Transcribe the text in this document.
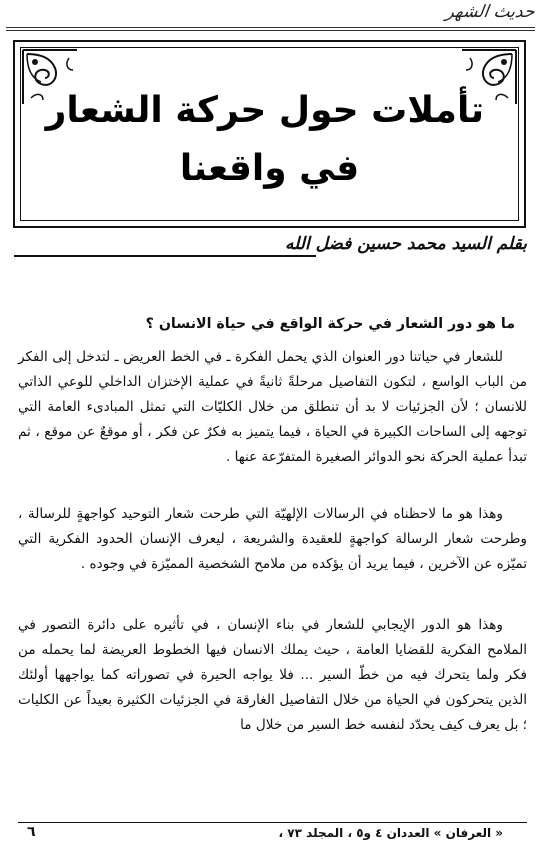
حديث الشهر
تأملات حول حركة الشعار
في واقعنا
بقلم السيد محمد حسين فضل الله
ما هو دور الشعار في حركة الواقع في حياة الانسان ؟

للشعار في حياتنا دور العنوان الذي يحمل الفكرة ـ في الخط العريض ـ لتدخل إلى الفكر من الباب الواسع ، لتكون التفاصيل مرحلةً ثانيةً في عملية الإختزان الداخلي للوعي الذاتي للانسان ؛ لأن الجزئيات لا بد أن تنطلق من خلال الكليّات التي تمثل المبادىء العامة التي توجهه إلى الساحات الكبيرة في الحياة ، فيما يتميز به فكرٌ عن فكر ، أو موقعٌ عن موقع ، ثم تبدأ عملية الحركة نحو الدوائر الصغيرة المتفرّعة عنها .

وهذا هو ما لاحظناه في الرسالات الإلهيّة التي طرحت شعار التوحيد كواجهةٍ للرسالة ، وطرحت شعار الرسالة كواجهةٍ للعقيدة والشريعة ، ليعرف الإنسان الحدود الفكرية التي تميّزه عن الآخرين ، فيما يريد أن يؤكده من ملامح الشخصية المميّزة في وجوده .

وهذا هو الدور الإيجابي للشعار في بناء الإنسان ، في تأثيره على دائرة التصور في الملامح الفكرية للقضايا العامة ، حيث يملك الانسان فيها الخطوط العريضة لما يحمله من فكر ولما يتحرك فيه من خطّ السير ... فلا يواجه الحيرة في تصوراته كما يواجهها أولئك الذين يتحركون في الحياة من خلال التفاصيل الغارقة في الجزئيات الكثيرة بعيداً عن الكليات ؛ بل يعرف كيف يحدّد لنفسه خط السير من خلال ما

« العرفان » العددان ٤ و٥ ، المجلد ٧٣ ،
٦
